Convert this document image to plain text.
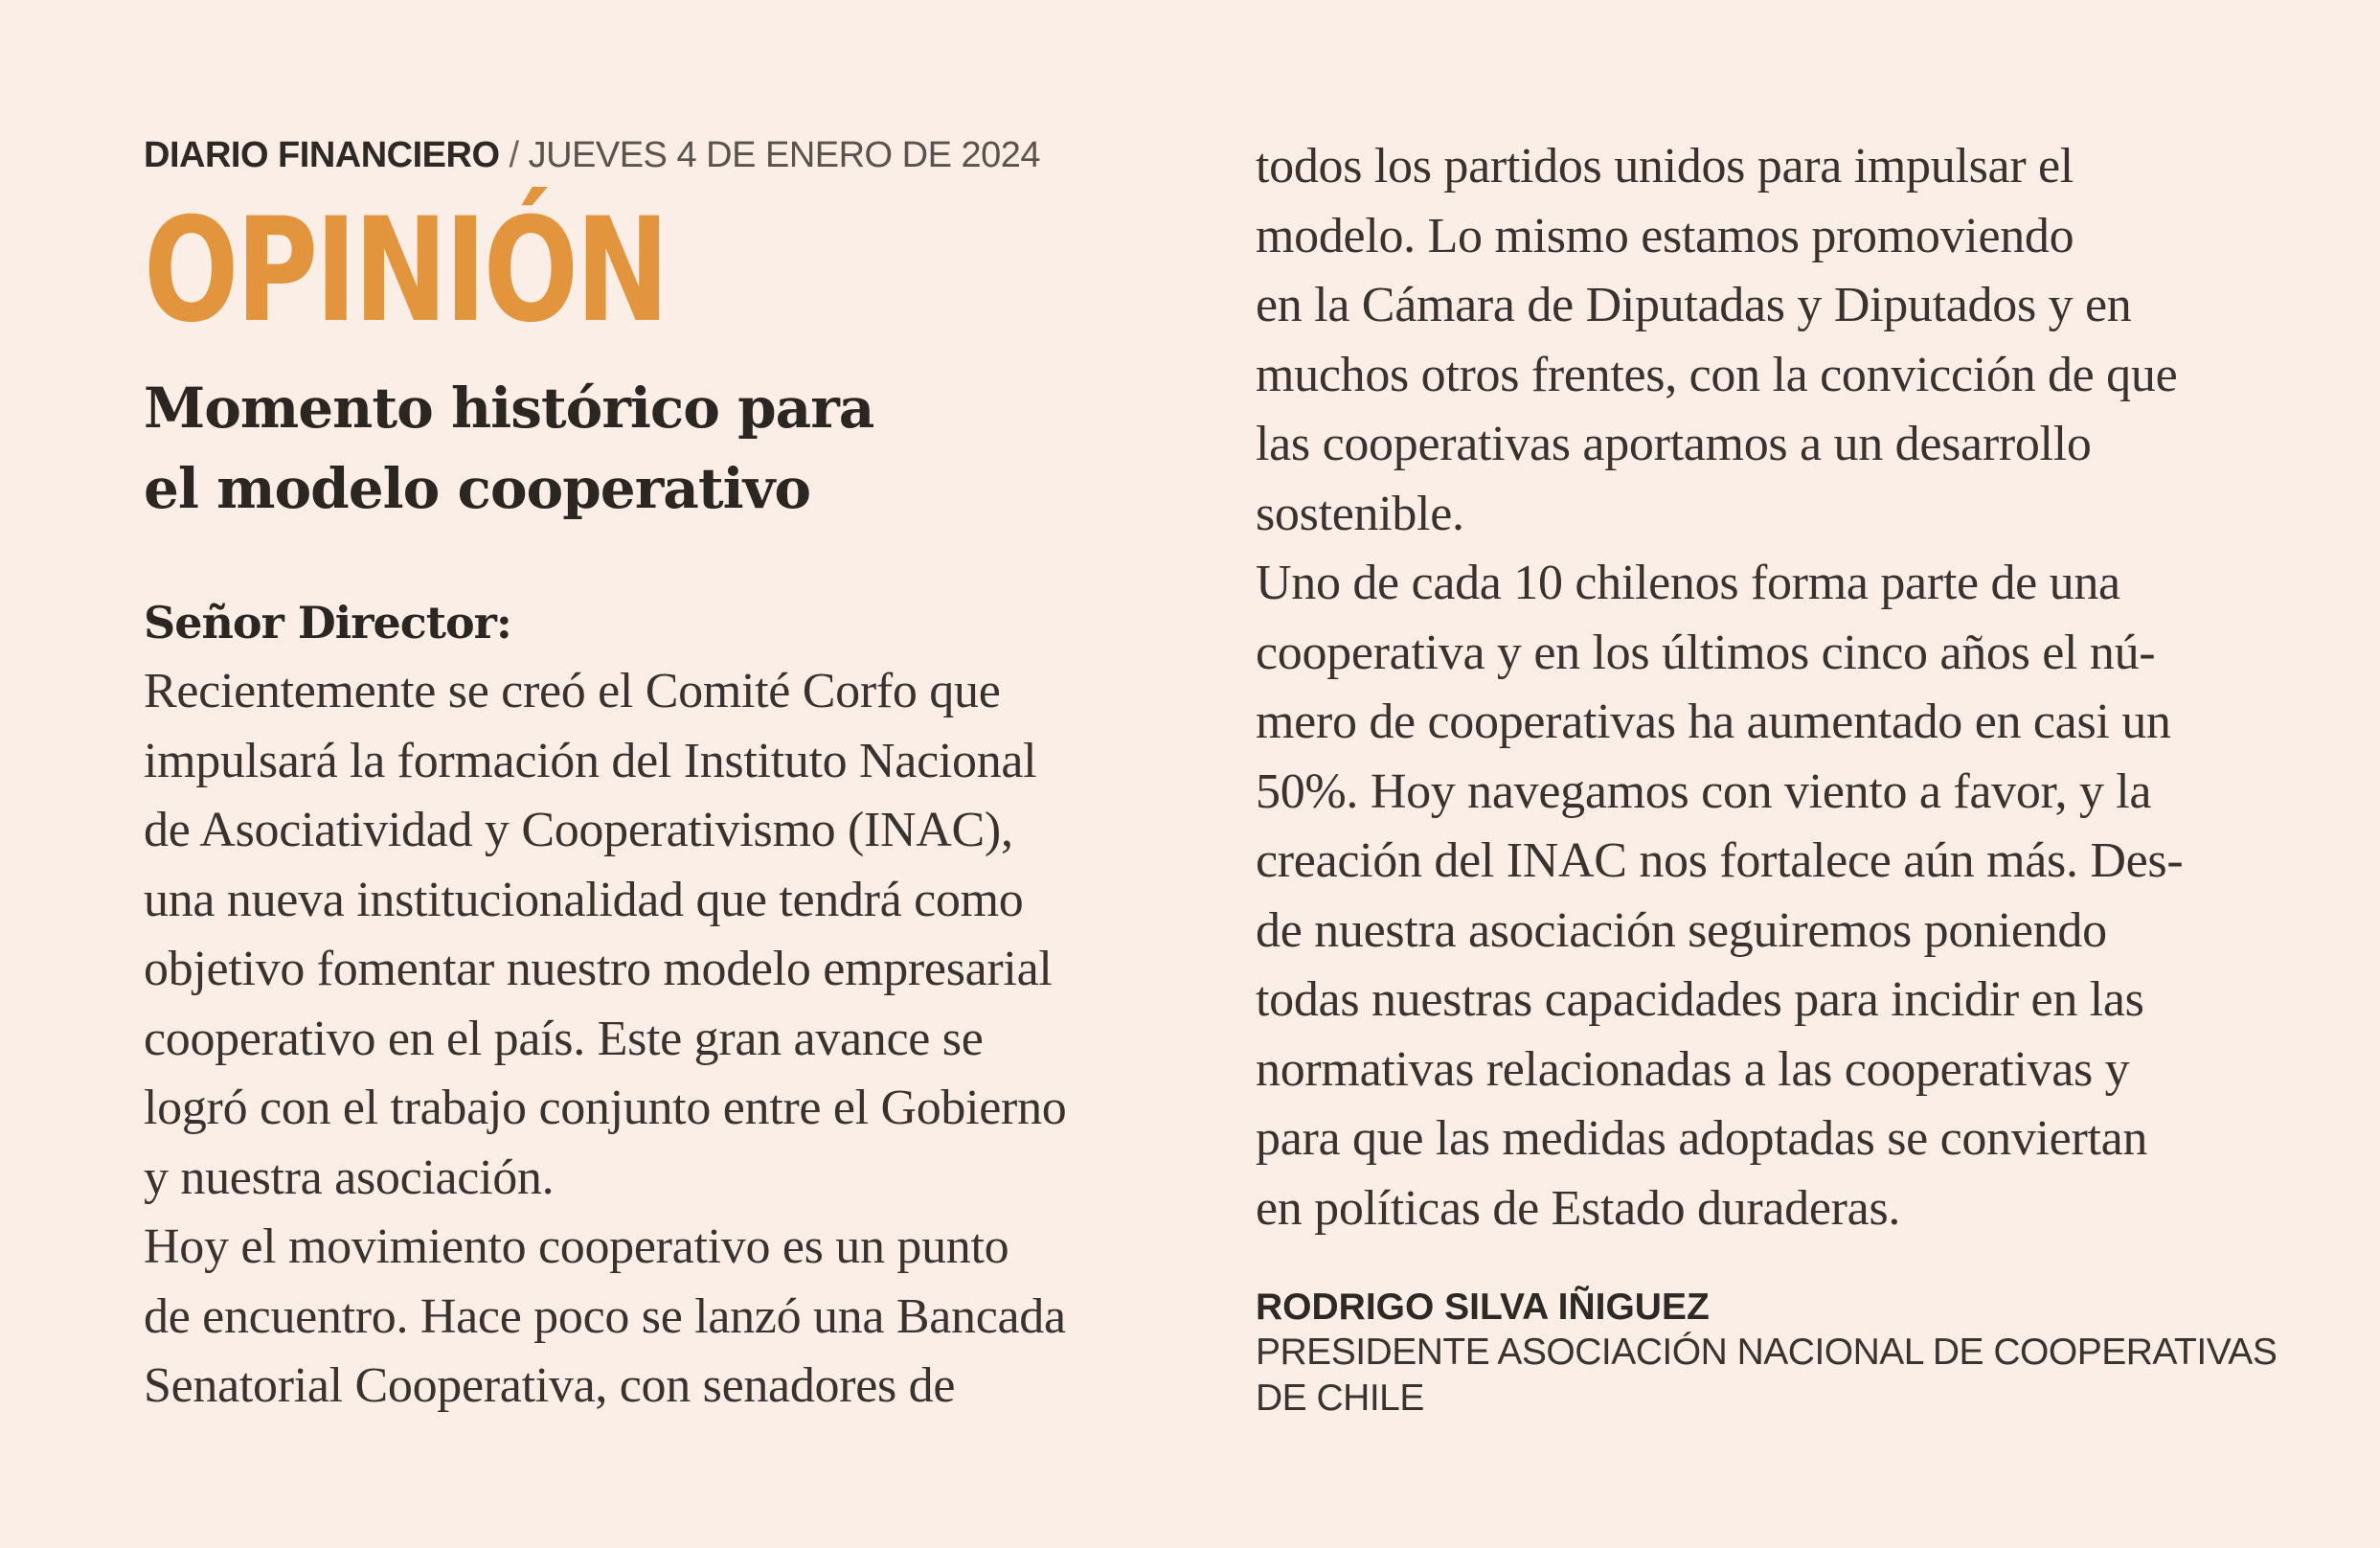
DIARIO FINANCIERO / JUEVES 4 DE ENERO DE 2024
OPINIÓN
Momento histórico para
el modelo cooperativo
Señor Director:
Recientemente se creó el Comité Corfo que
impulsará la formación del Instituto Nacional
de Asociatividad y Cooperativismo (INAC),
una nueva institucionalidad que tendrá como
objetivo fomentar nuestro modelo empresarial
cooperativo en el país. Este gran avance se
logró con el trabajo conjunto entre el Gobierno
y nuestra asociación.
Hoy el movimiento cooperativo es un punto
de encuentro. Hace poco se lanzó una Bancada
Senatorial Cooperativa, con senadores de
todos los partidos unidos para impulsar el
modelo. Lo mismo estamos promoviendo
en la Cámara de Diputadas y Diputados y en
muchos otros frentes, con la convicción de que
las cooperativas aportamos a un desarrollo
sostenible.
Uno de cada 10 chilenos forma parte de una
cooperativa y en los últimos cinco años el nú-
mero de cooperativas ha aumentado en casi un
50%. Hoy navegamos con viento a favor, y la
creación del INAC nos fortalece aún más. Des-
de nuestra asociación seguiremos poniendo
todas nuestras capacidades para incidir en las
normativas relacionadas a las cooperativas y
para que las medidas adoptadas se conviertan
en políticas de Estado duraderas.
RODRIGO SILVA IÑIGUEZ
PRESIDENTE ASOCIACIÓN NACIONAL DE COOPERATIVAS DE CHILE
